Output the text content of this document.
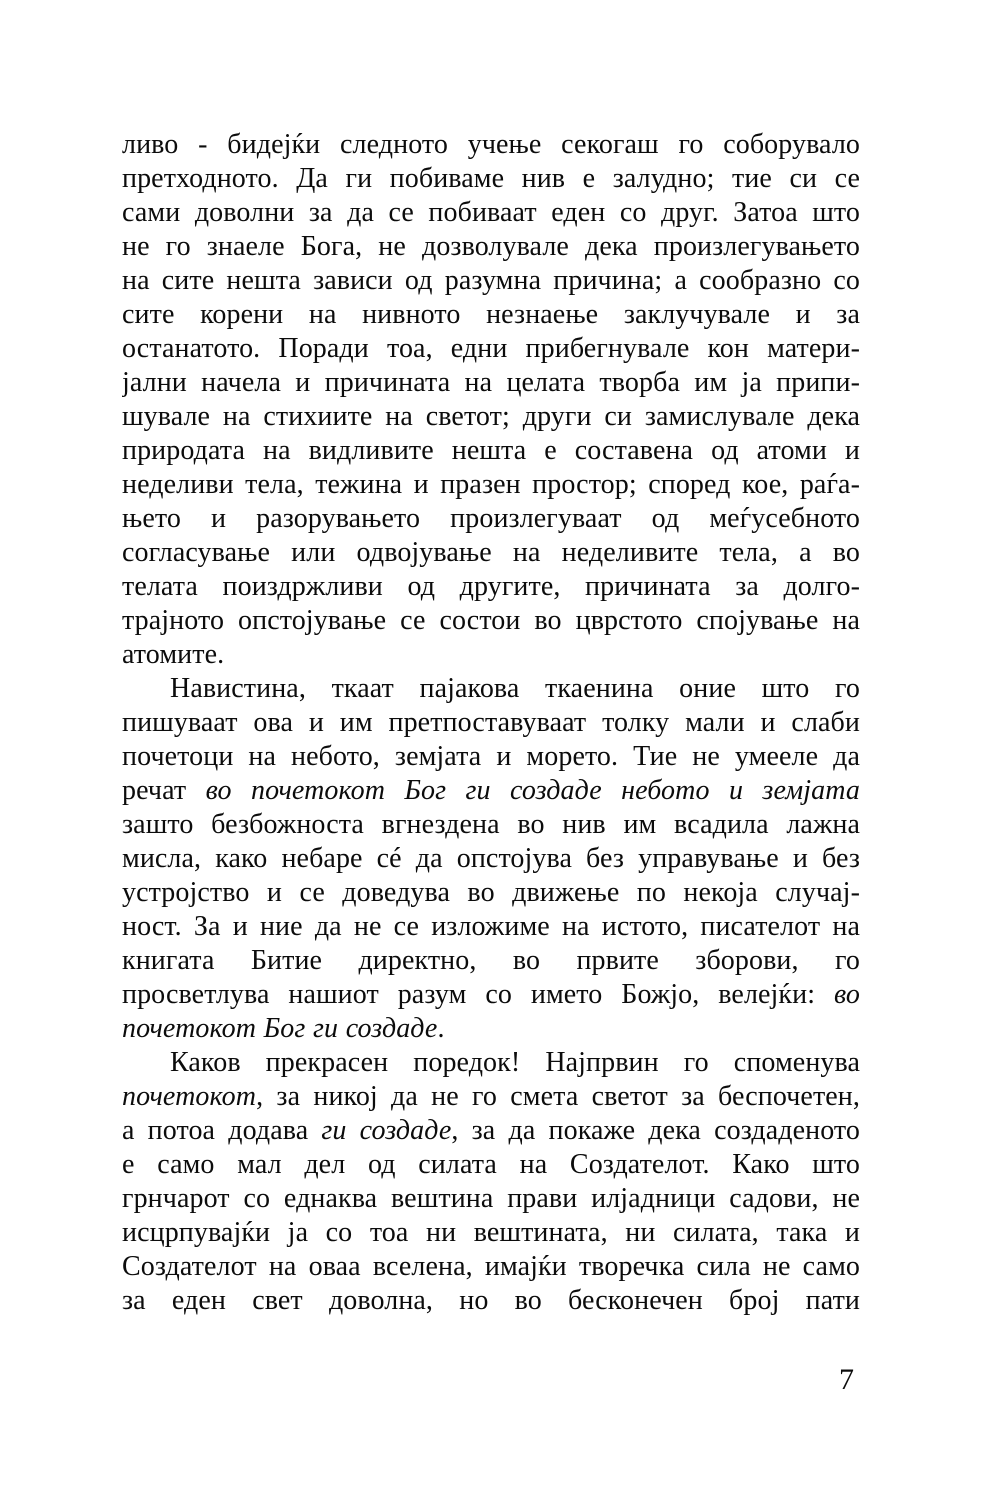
ливо - бидејќи следното учење секогаш го соборувало
претходното. Да ги побиваме нив е залудно; тие си се
сами доволни за да се побиваат еден со друг. Затоа што
не го знаеле Бога, не дозволувале дека произлегувањето
на сите нешта зависи од разумна причина; а сообразно со
сите корени на нивното незнаење заклучувале и за
останатото. Поради тоа, едни прибегнувале кон матери-
јални начела и причината на целата творба им ја припи-
шувале на стихиите на светот; други си замислувале дека
природата на видливите нешта е составена од атоми и
неделиви тела, тежина и празен простор; според кое, раѓа-
њето и разорувањето произлегуваат од меѓусебното
согласување или одвојување на неделивите тела, а во
телата поиздржливи од другите, причината за долго-
трајното опстојување се состои во цврстото спојување на
атомите.
Навистина, ткаат пајакова ткаенина оние што го
пишуваат ова и им претпоставуваат толку мали и слаби
почетоци на небото, земјата и морето. Тие не умееле да
речат во почетокот Бог ги создаде небото и земјата
зашто безбожноста вгнездена во нив им всадила лажна
мисла, како небаре сé да опстојува без управување и без
устројство и се доведува во движење по некоја случај-
ност. За и ние да не се изложиме на истото, писателот на
книгата Битие директно, во првите зборови, го
просветлува нашиот разум со името Божјо, велејќи: во
почетокот Бог ги создаде.
Каков прекрасен поредок! Најпрвин го споменува
почетокот, за никој да не го смета светот за беспочетен,
а потоа додава ги создаде, за да покаже дека создаденото
е само мал дел од силата на Создателот. Како што
грнчарот со еднаква вештина прави илјадници садови, не
исцрпувајќи ја со тоа ни вештината, ни силата, така и
Создателот на оваа вселена, имајќи творечка сила не само
за еден свет доволна, но во бесконечен број пати
7
